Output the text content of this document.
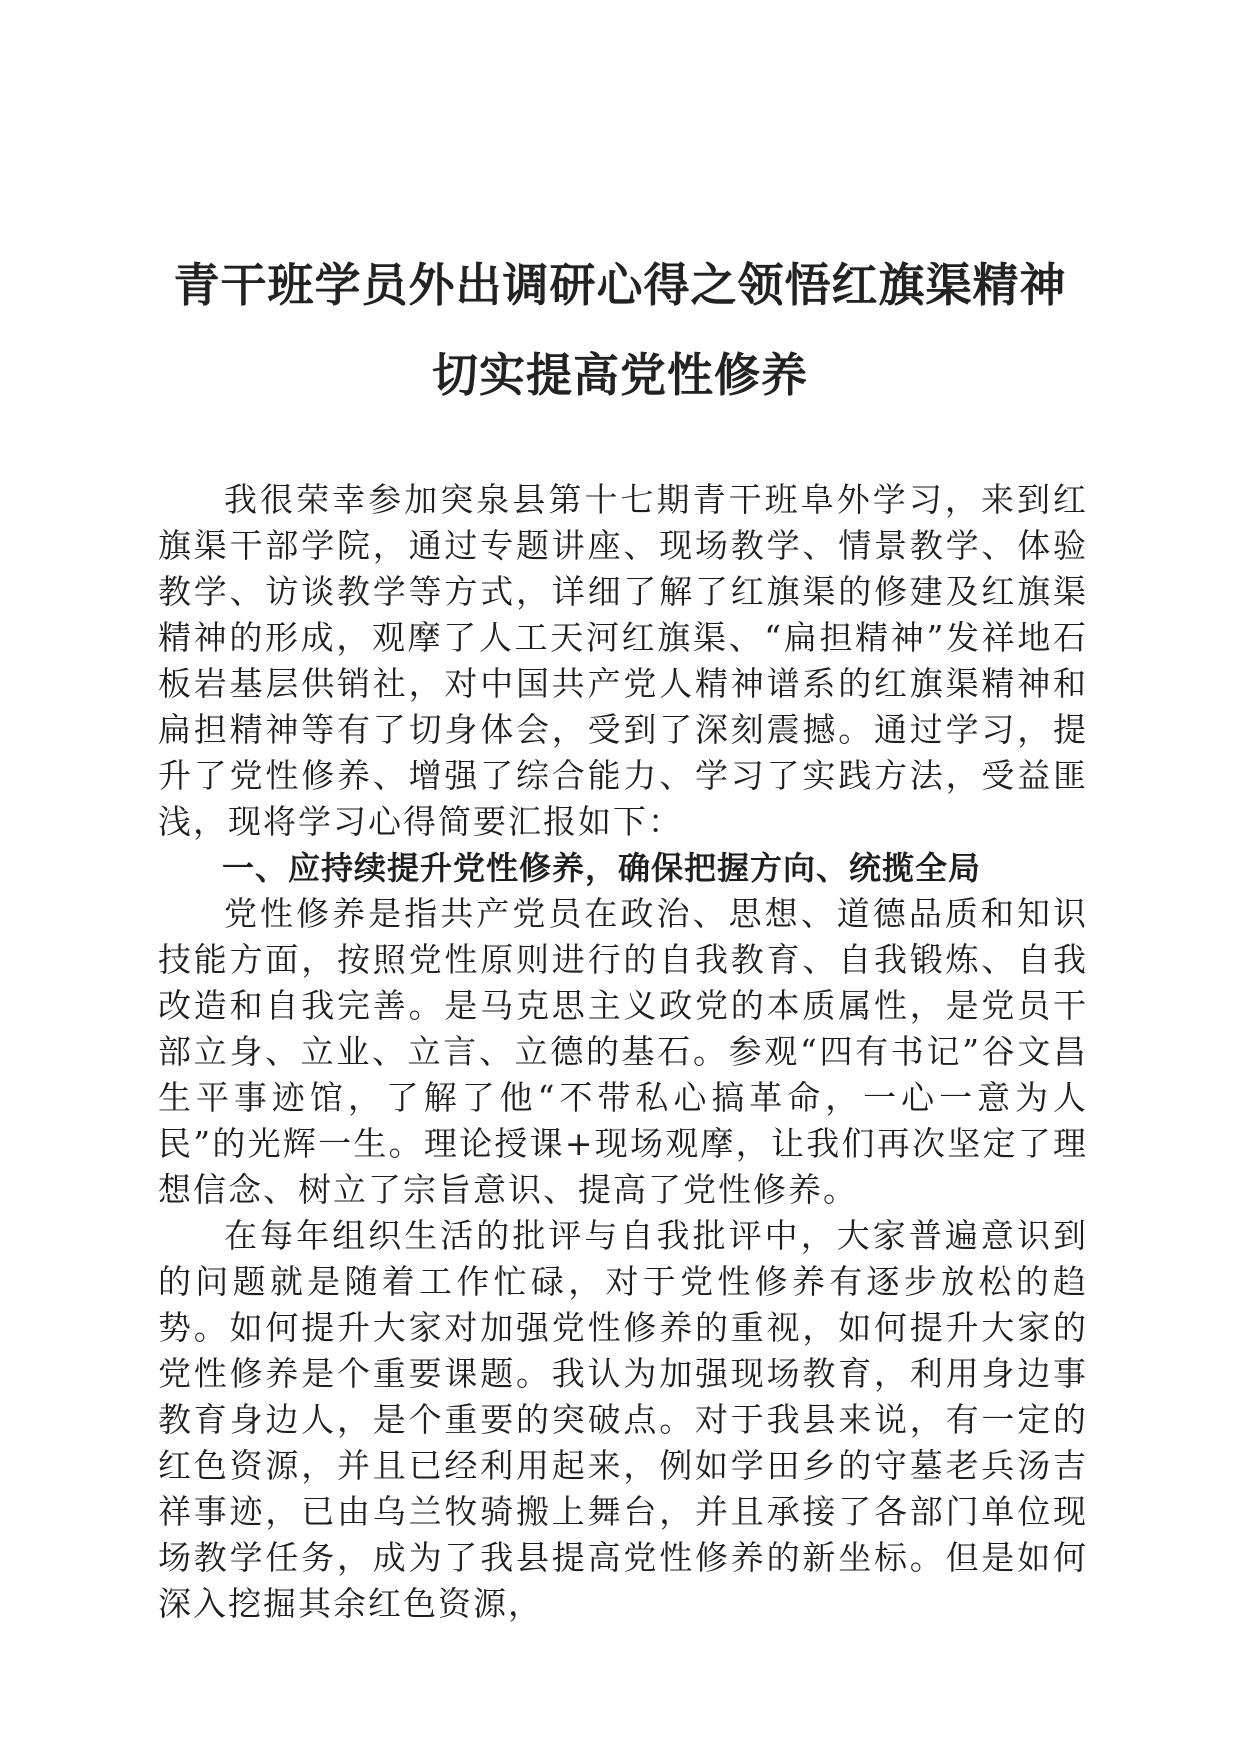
青干班学员外出调研心得之领悟红旗渠精神
切实提高党性修养

我很荣幸参加突泉县第十七期青干班阜外学习，来到红旗渠干部学院，通过专题讲座、现场教学、情景教学、体验教学、访谈教学等方式，详细了解了红旗渠的修建及红旗渠精神的形成，观摩了人工天河红旗渠、“扁担精神”发祥地石板岩基层供销社，对中国共产党人精神谱系的红旗渠精神和扁担精神等有了切身体会，受到了深刻震撼。通过学习，提升了党性修养、增强了综合能力、学习了实践方法，受益匪浅，现将学习心得简要汇报如下：

一、应持续提升党性修养，确保把握方向、统揽全局

党性修养是指共产党员在政治、思想、道德品质和知识技能方面，按照党性原则进行的自我教育、自我锻炼、自我改造和自我完善。是马克思主义政党的本质属性，是党员干部立身、立业、立言、立德的基石。参观“四有书记”谷文昌生平事迹馆，了解了他“不带私心搞革命，一心一意为人民”的光辉一生。理论授课+现场观摩，让我们再次坚定了理想信念、树立了宗旨意识、提高了党性修养。

在每年组织生活的批评与自我批评中，大家普遍意识到的问题就是随着工作忙碌，对于党性修养有逐步放松的趋势。如何提升大家对加强党性修养的重视，如何提升大家的党性修养是个重要课题。我认为加强现场教育，利用身边事教育身边人，是个重要的突破点。对于我县来说，有一定的红色资源，并且已经利用起来，例如学田乡的守墓老兵汤吉祥事迹，已由乌兰牧骑搬上舞台，并且承接了各部门单位现场教学任务，成为了我县提高党性修养的新坐标。但是如何深入挖掘其余红色资源，
